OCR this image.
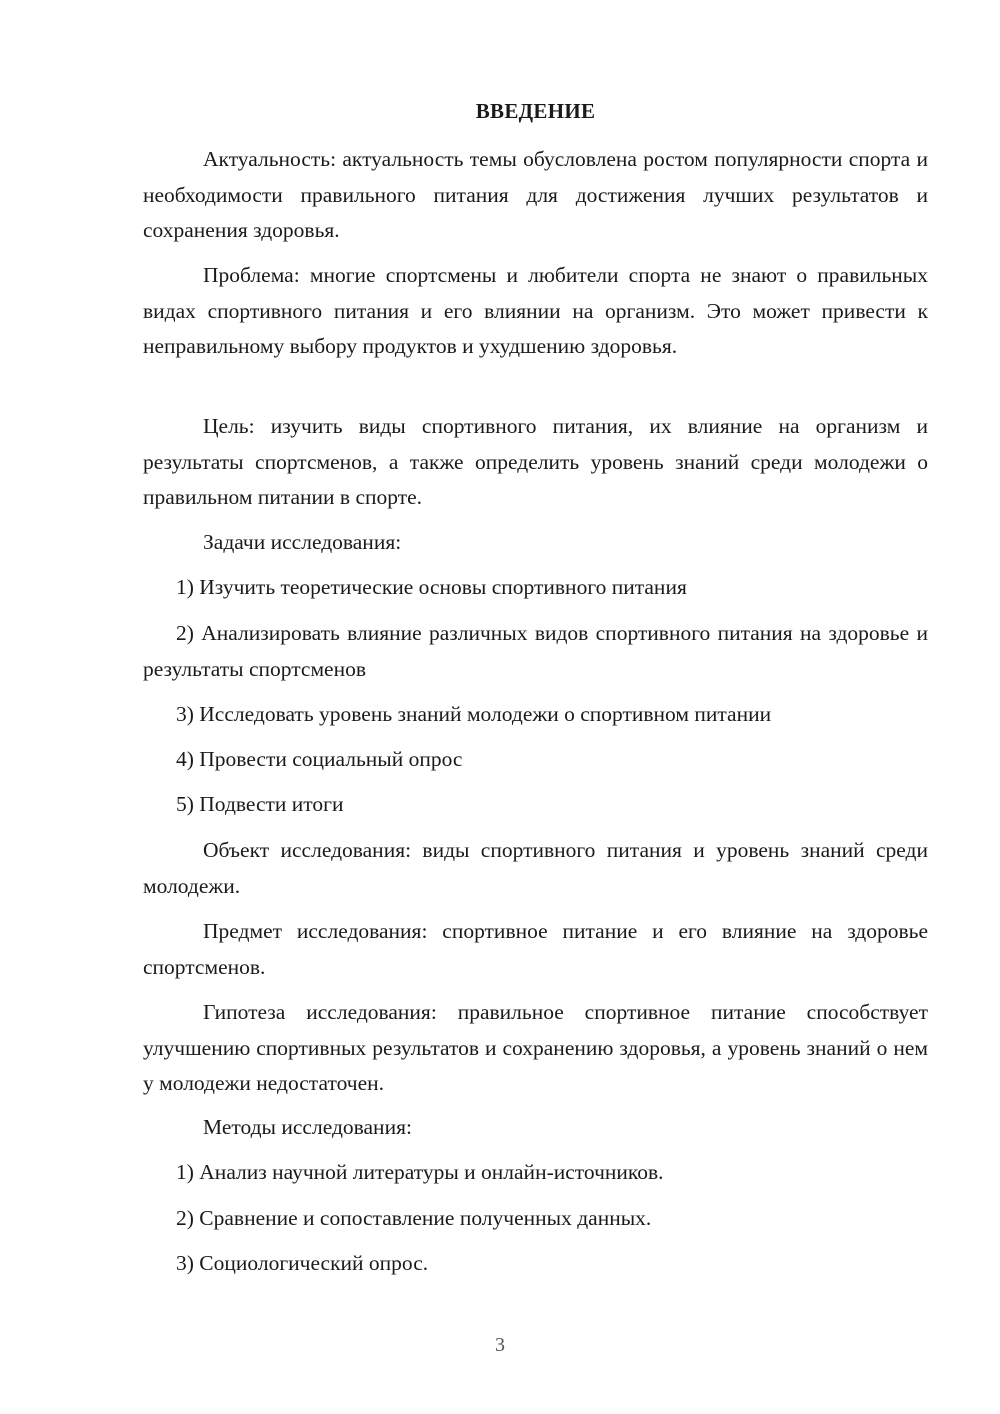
ВВЕДЕНИЕ

Актуальность: актуальность темы обусловлена ростом популярности спорта и необходимости правильного питания для достижения лучших результатов и сохранения здоровья.

Проблема: многие спортсмены и любители спорта не знают о правильных видах спортивного питания и его влиянии на организм. Это может привести к неправильному выбору продуктов и ухудшению здоровья.

Цель: изучить виды спортивного питания, их влияние на организм и результаты спортсменов, а также определить уровень знаний среди молодежи о правильном питании в спорте.

Задачи исследования:

1) Изучить теоретические основы спортивного питания

2) Анализировать влияние различных видов спортивного питания на здоровье и результаты спортсменов

3) Исследовать уровень знаний молодежи о спортивном питании

4) Провести социальный опрос

5) Подвести итоги

Объект исследования: виды спортивного питания и уровень знаний среди молодежи.

Предмет исследования: спортивное питание и его влияние на здоровье спортсменов.

Гипотеза исследования: правильное спортивное питание способствует улучшению спортивных результатов и сохранению здоровья, а уровень знаний о нем у молодежи недостаточен.

Методы исследования:

1) Анализ научной литературы и онлайн-источников.

2) Сравнение и сопоставление полученных данных.

3) Социологический опрос.

3
